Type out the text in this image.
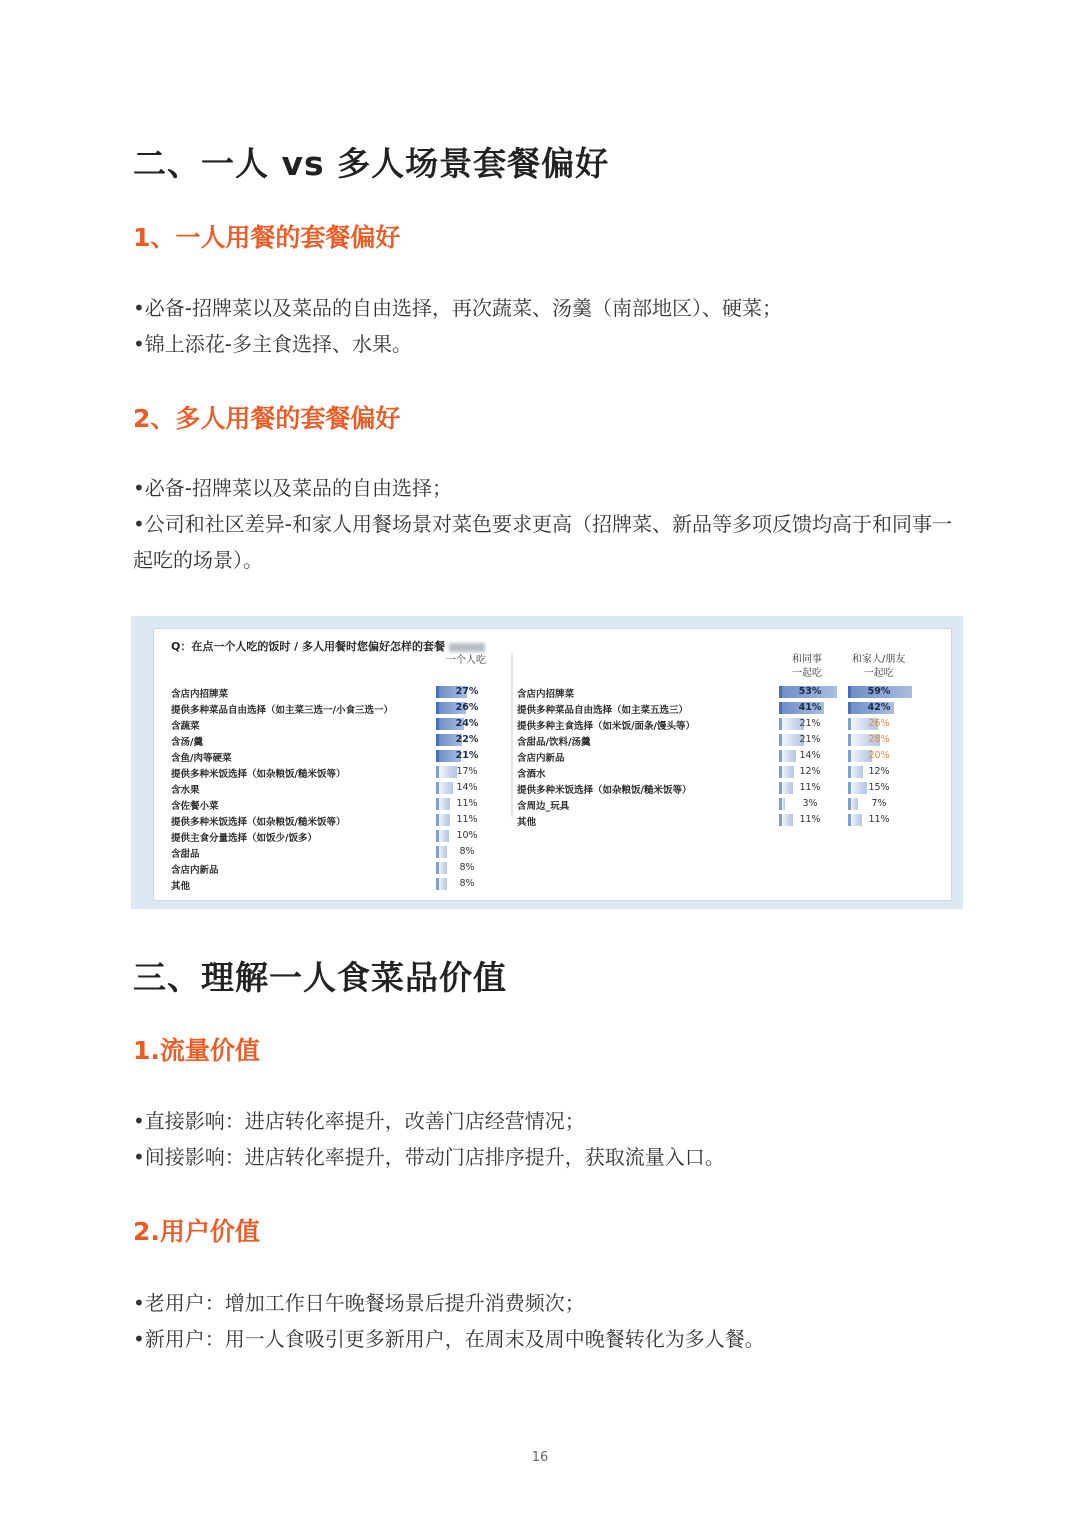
二、一人 vs 多人场景套餐偏好
1、一人用餐的套餐偏好

•必备-招牌菜以及菜品的自由选择，再次蔬菜、汤羹（南部地区）、硬菜；

•锦上添花-多主食选择、水果。

2、多人用餐的套餐偏好

•必备-招牌菜以及菜品的自由选择；

•公司和社区差异-和家人用餐场景对菜色要求更高（招牌菜、新品等多项反馈均高于和同事一起吃的场景）。

Q：在点一个人吃的饭时 / 多人用餐时您偏好怎样的套餐
一个人吃	和同事
一起吃
和家人/朋友
一起吃
含店内招牌菜	27%
提供多种菜品自由选择（如主菜三选一/小食三选一）	26%
含蔬菜	24%
含汤/羹	22%
含鱼/肉等硬菜	21%
提供多种米饭选择（如杂粮饭/糙米饭等）	17%
含水果	14%
含佐餐小菜	11%
提供多种米饭选择（如杂粮饭/糙米饭等）	11%
提供主食分量选择（如饭少/饭多）	10%
含甜品	8%
含店内新品	8%
其他	8%
含店内招牌菜	53%	59%
提供多种菜品自由选择（如主菜五选三）	41%	42%
提供多种主食选择（如米饭/面条/馒头等）	21%	26%
含甜品/饮料/汤羹	21%	28%
含店内新品	14%	20%
含酒水	12%	12%
提供多种米饭选择（如杂粮饭/糙米饭等）	11%	15%
含周边_玩具	3%	7%
其他	11%	11%
三、理解一人食菜品价值
1.流量价值

•直接影响：进店转化率提升，改善门店经营情况；

•间接影响：进店转化率提升，带动门店排序提升，获取流量入口。

2.用户价值

•老用户：增加工作日午晚餐场景后提升消费频次；

•新用户：用一人食吸引更多新用户，在周末及周中晚餐转化为多人餐。

16
